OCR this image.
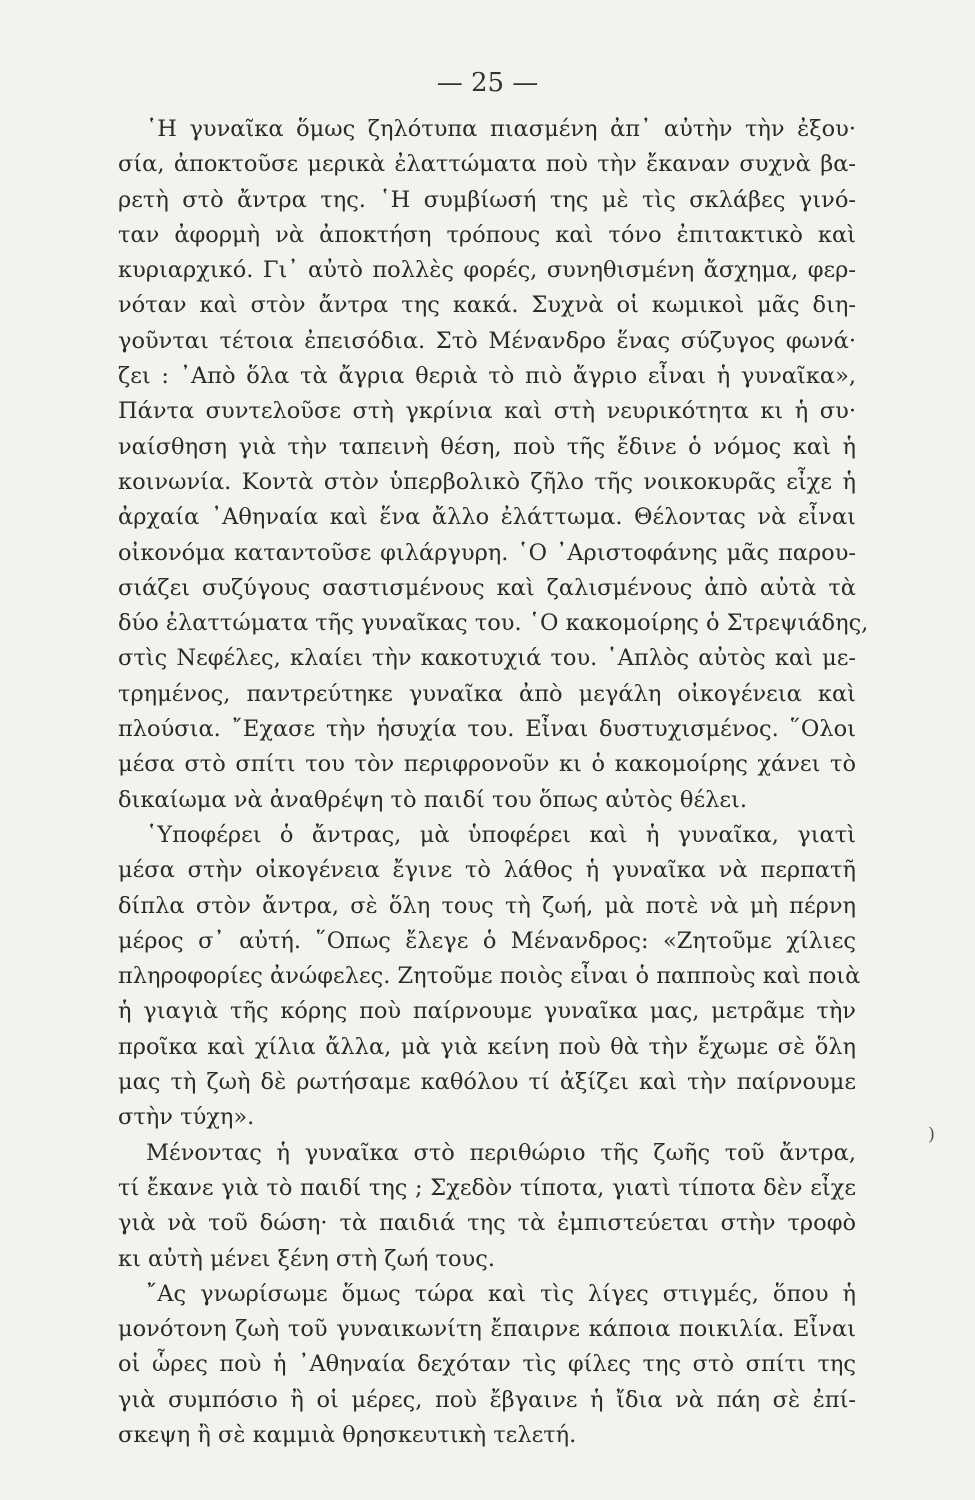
— 25 —
῾Η γυναῖκα ὅμως ζηλότυπα πιασμένη ἀπ᾿ αὐτὴν τὴν ἐξου·
σία, ἀποκτοῦσε μερικὰ ἐλαττώματα ποὺ τὴν ἔκαναν συχνὰ βα-
ρετὴ στὸ ἄντρα της. ῾Η συμβίωσή της μὲ τὶς σκλάβες γινό-
ταν ἀφορμὴ νὰ ἀποκτήση τρόπους καὶ τόνο ἐπιτακτικὸ καὶ
κυριαρχικό. Γι᾿ αὐτὸ πολλὲς φορές, συνηθισμένη ἄσχημα, φερ-
νόταν καὶ στὸν ἄντρα της κακά. Συχνὰ οἱ κωμικοὶ μᾶς διη-
γοῦνται τέτοια ἐπεισόδια. Στὸ Μένανδρο ἕνας σύζυγος φωνά·
ζει : ᾽Απὸ ὅλα τὰ ἄγρια θεριὰ τὸ πιὸ ἄγριο εἶναι ἡ γυναῖκα»,
Πάντα συντελοῦσε στὴ γκρίνια καὶ στὴ νευρικότητα κι ἡ συ·
ναίσθηση γιὰ τὴν ταπεινὴ θέση, ποὺ τῆς ἔδινε ὁ νόμος καὶ ἡ
κοινωνία. Κοντὰ στὸν ὑπερβολικὸ ζῆλο τῆς νοικοκυρᾶς εἶχε ἡ
ἀρχαία ᾽Αθηναία καὶ ἕνα ἄλλο ἐλάττωμα. Θέλοντας νὰ εἶναι
οἰκονόμα καταντοῦσε φιλάργυρη. ῾Ο ᾽Αριστοφάνης μᾶς παρου-
σιάζει συζύγους σαστισμένους καὶ ζαλισμένους ἀπὸ αὐτὰ τὰ
δύο ἐλαττώματα τῆς γυναῖκας του. ῾Ο κακομοίρης ὁ Στρεψιάδης,
στὶς Νεφέλες, κλαίει τὴν κακοτυχιά του. ῾Απλὸς αὐτὸς καὶ με-
τρημένος, παντρεύτηκε γυναῖκα ἀπὸ μεγάλη οἰκογένεια καὶ
πλούσια. ῎Εχασε τὴν ἡσυχία του. Εἶναι δυστυχισμένος. ῞Ολοι
μέσα στὸ σπίτι του τὸν περιφρονοῦν κι ὁ κακομοίρης χάνει τὸ
δικαίωμα νὰ ἀναθρέψη τὸ παιδί του ὅπως αὐτὸς θέλει.
῾Υποφέρει ὁ ἄντρας, μὰ ὑποφέρει καὶ ἡ γυναῖκα, γιατὶ
μέσα στὴν οἰκογένεια ἔγινε τὸ λάθος ἡ γυναῖκα νὰ περπατῆ
δίπλα στὸν ἄντρα, σὲ ὅλη τους τὴ ζωή, μὰ ποτὲ νὰ μὴ πέρνη
μέρος σ᾿ αὐτή. ῞Οπως ἔλεγε ὁ Μένανδρος: «Ζητοῦμε χίλιες
πληροφορίες ἀνώφελες. Ζητοῦμε ποιὸς εἶναι ὁ παπποὺς καὶ ποιὰ
ἡ γιαγιὰ τῆς κόρης ποὺ παίρνουμε γυναῖκα μας, μετρᾶμε τὴν
προῖκα καὶ χίλια ἄλλα, μὰ γιὰ κείνη ποὺ θὰ τὴν ἔχωμε σὲ ὅλη
μας τὴ ζωὴ δὲ ρωτήσαμε καθόλου τί ἀξίζει καὶ τὴν παίρνουμε
στὴν τύχη».
Μένοντας ἡ γυναῖκα στὸ περιθώριο τῆς ζωῆς τοῦ ἄντρα,
τί ἔκανε γιὰ τὸ παιδί της ; Σχεδὸν τίποτα, γιατὶ τίποτα δὲν εἶχε
γιὰ νὰ τοῦ δώση· τὰ παιδιά της τὰ ἐμπιστεύεται στὴν τροφὸ
κι αὐτὴ μένει ξένη στὴ ζωή τους.
῎Ας γνωρίσωμε ὅμως τώρα καὶ τὶς λίγες στιγμές, ὅπου ἡ
μονότονη ζωὴ τοῦ γυναικωνίτη ἔπαιρνε κάποια ποικιλία. Εἶναι
οἱ ὧρες ποὺ ἡ ᾽Αθηναία δεχόταν τὶς φίλες της στὸ σπίτι της
γιὰ συμπόσιο ἢ οἱ μέρες, ποὺ ἔβγαινε ἡ ἴδια νὰ πάη σὲ ἐπί-
σκεψη ἢ σὲ καμμιὰ θρησκευτικὴ τελετή.
)
